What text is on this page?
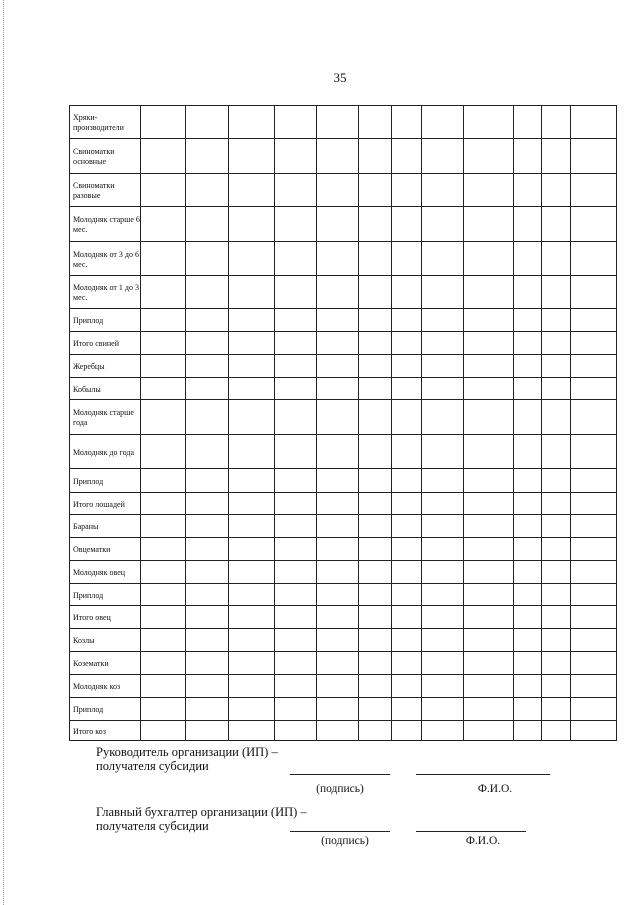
35
Хряки-производители												
Свиноматки основные												
Свиноматки разовые												
Молодняк старше 6 мес.												
Молодняк от 3 до 6 мес.												
Молодняк от 1 до 3 мес.												
Приплод												
Итого свиней												
Жеребцы												
Кобылы												
Молодняк старше года												
Молодняк до года												
Приплод												
Итого лошадей												
Бараны												
Овцематки												
Молодняк овец												
Приплод												
Итого овец												
Козлы												
Козематки												
Молодняк коз												
Приплод												
Итого коз												
Руководитель организации (ИП) –
получателя субсидии
(подпись)	Ф.И.О.
Главный бухгалтер организации (ИП) –
получателя субсидии
(подпись)	Ф.И.О.
